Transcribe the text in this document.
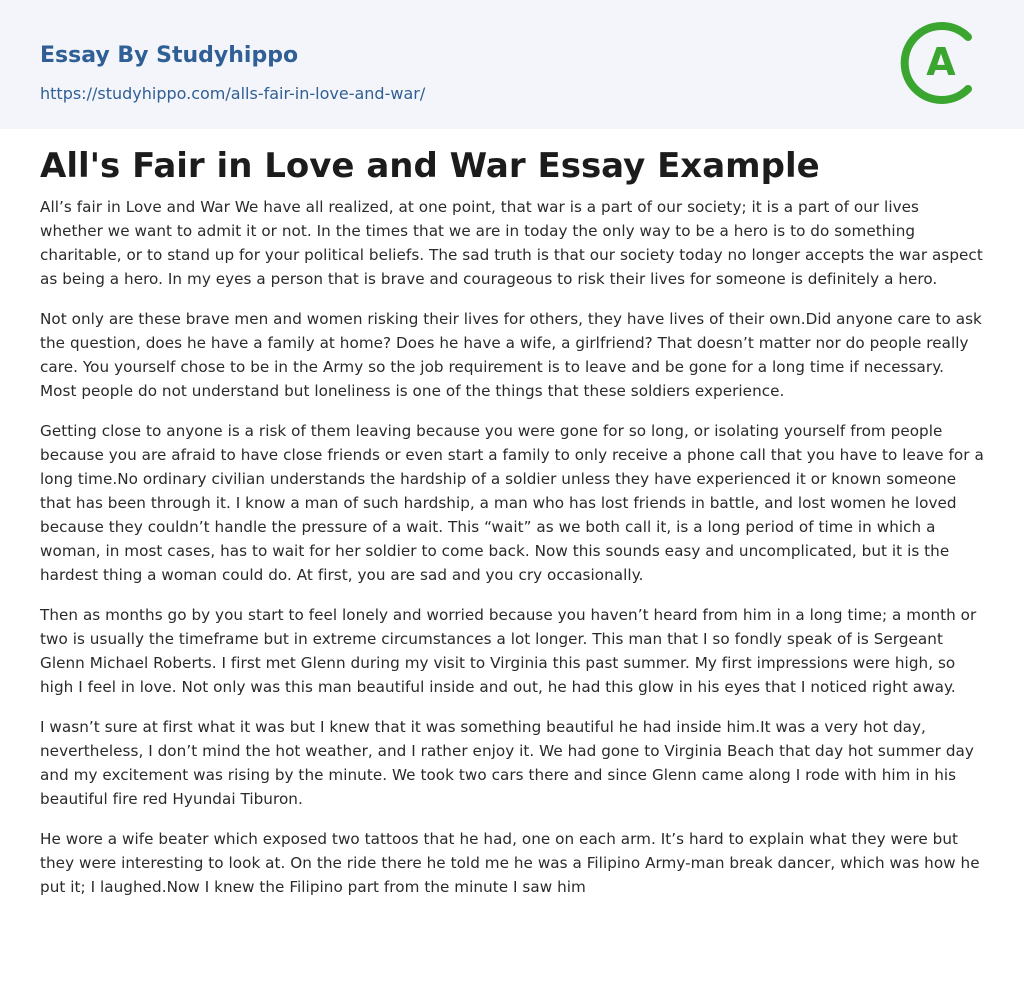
Essay By Studyhippo
https://studyhippo.com/alls-fair-in-love-and-war/
A
All's Fair in Love and War Essay Example

All’s fair in Love and War We have all realized, at one point, that war is a part of our society; it is a part of our lives whether we want to admit it or not. In the times that we are in today the only way to be a hero is to do something charitable, or to stand up for your political beliefs. The sad truth is that our society today no longer accepts the war aspect as being a hero. In my eyes a person that is brave and courageous to risk their lives for someone is definitely a hero.

Not only are these brave men and women risking their lives for others, they have lives of their own.Did anyone care to ask the question, does he have a family at home? Does he have a wife, a girlfriend? That doesn’t matter nor do people really care. You yourself chose to be in the Army so the job requirement is to leave and be gone for a long time if necessary. Most people do not understand but loneliness is one of the things that these soldiers experience.

Getting close to anyone is a risk of them leaving because you were gone for so long, or isolating yourself from people because you are afraid to have close friends or even start a family to only receive a phone call that you have to leave for a long time.No ordinary civilian understands the hardship of a soldier unless they have experienced it or known someone that has been through it. I know a man of such hardship, a man who has lost friends in battle, and lost women he loved because they couldn’t handle the pressure of a wait. This “wait” as we both call it, is a long period of time in which a woman, in most cases, has to wait for her soldier to come back. Now this sounds easy and uncomplicated, but it is the hardest thing a woman could do. At first, you are sad and you cry occasionally.

Then as months go by you start to feel lonely and worried because you haven’t heard from him in a long time; a month or two is usually the timeframe but in extreme circumstances a lot longer. This man that I so fondly speak of is Sergeant Glenn Michael Roberts. I first met Glenn during my visit to Virginia this past summer. My first impressions were high, so high I feel in love. Not only was this man beautiful inside and out, he had this glow in his eyes that I noticed right away.

I wasn’t sure at first what it was but I knew that it was something beautiful he had inside him.It was a very hot day, nevertheless, I don’t mind the hot weather, and I rather enjoy it. We had gone to Virginia Beach that day hot summer day and my excitement was rising by the minute. We took two cars there and since Glenn came along I rode with him in his beautiful fire red Hyundai Tiburon.

He wore a wife beater which exposed two tattoos that he had, one on each arm. It’s hard to explain what they were but they were interesting to look at. On the ride there he told me he was a Filipino Army-man break dancer, which was how he put it; I laughed.Now I knew the Filipino part from the minute I saw him
